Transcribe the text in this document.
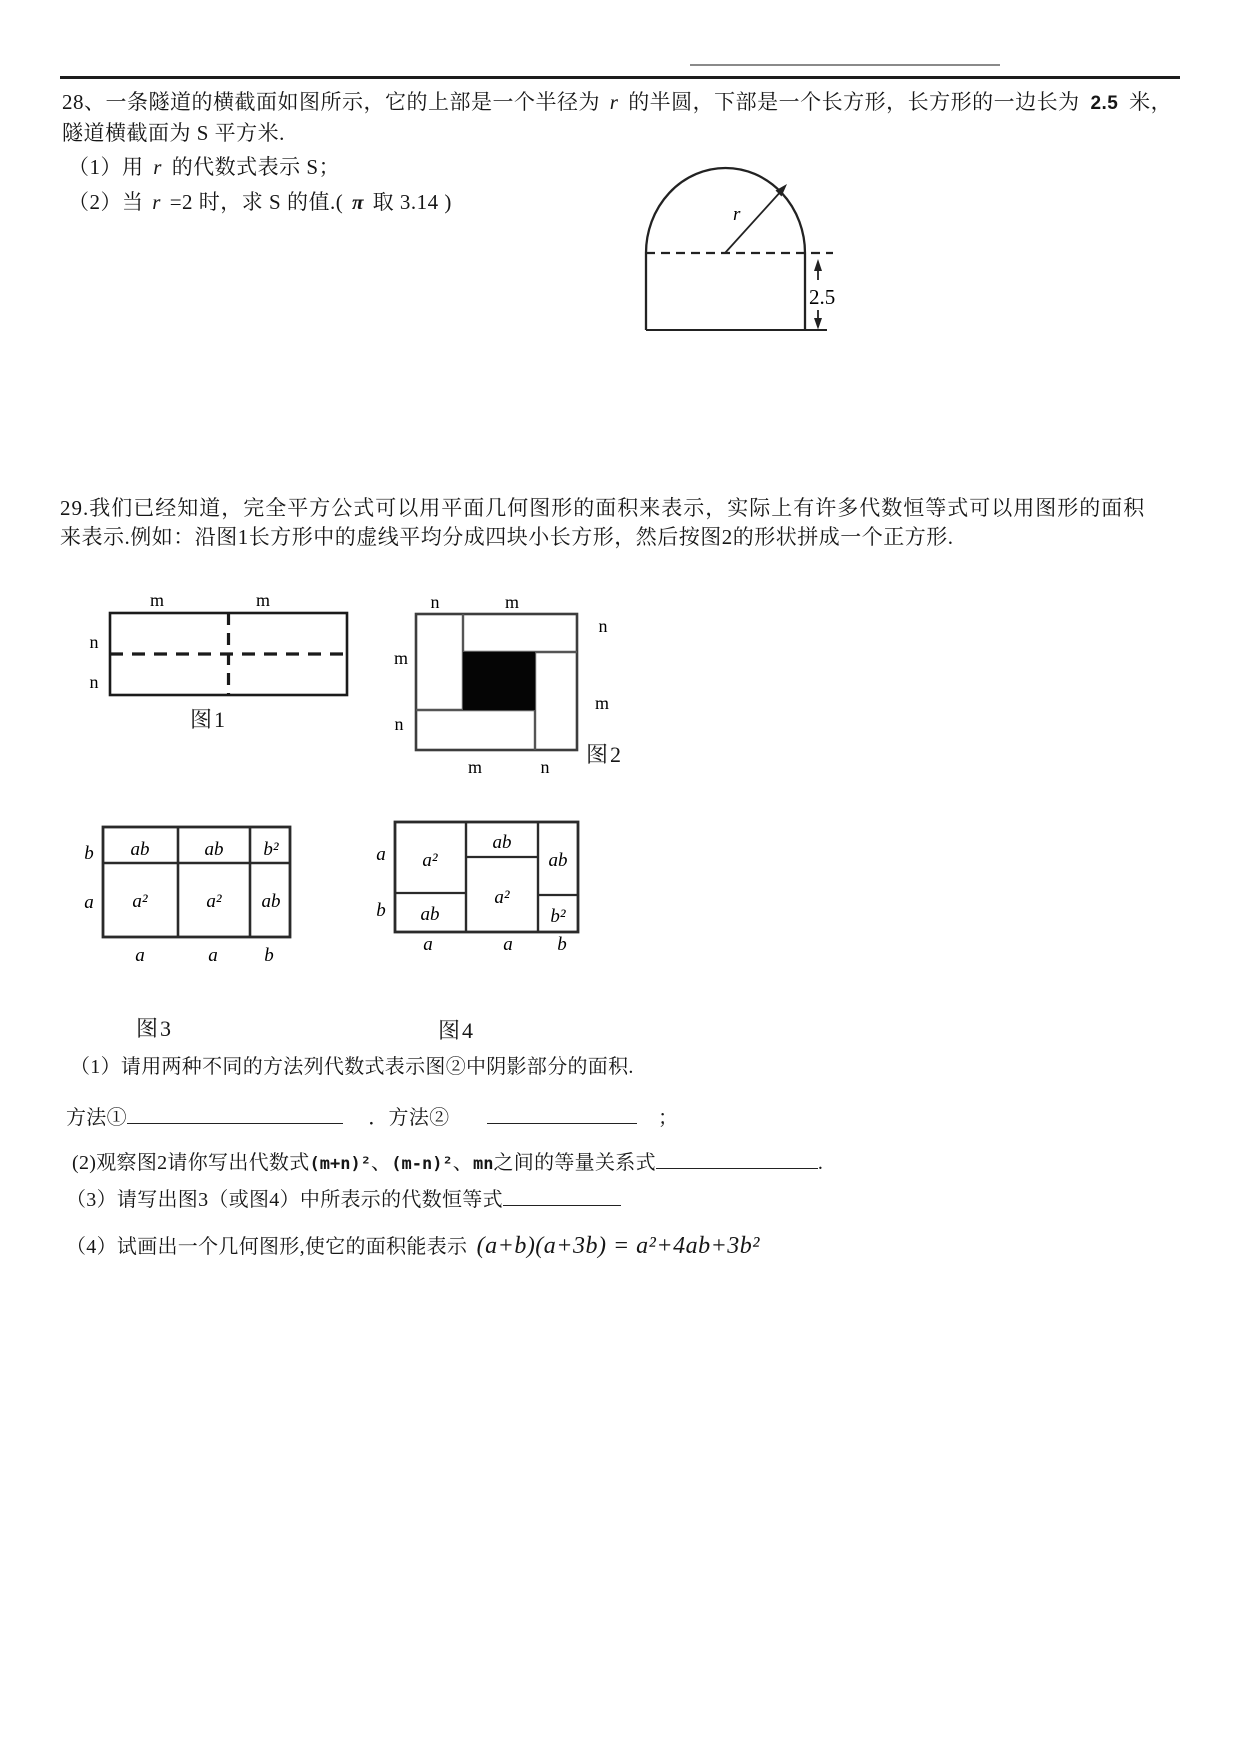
28、一条隧道的横截面如图所示，它的上部是一个半径为 r 的半圆，下部是一个长方形，长方形的一边长为 2.5 米，
隧道横截面为 S 平方米.
（1）用 r 的代数式表示 S；
（2）当 r =2 时，求 S 的值.( π 取 3.14 )
r
2.5
29.我们已经知道，完全平方公式可以用平面几何图形的面积来表示，实际上有许多代数恒等式可以用图形的面积
来表示.例如：沿图1长方形中的虚线平均分成四块小长方形，然后按图2的形状拼成一个正方形.
m	m
n
n
图1
n	m
m
n
n
m
m	n 图2
ab	ab b²
a²	a² ab
b
a
a	a b
a²
ab
ab
a²
ab
b²
a
b
a	a b
图3	图4
（1）请用两种不同的方法列代数式表示图②中阴影部分的面积.
方法①	．方法②	；
(2)观察图2请你写出代数式(m+n)²、(m-n)²、mn之间的等量关系式	.
（3）请写出图3（或图4）中所表示的代数恒等式
（4）试画出一个几何图形,使它的面积能表示 (a+b)(a+3b) = a²+4ab+3b²
